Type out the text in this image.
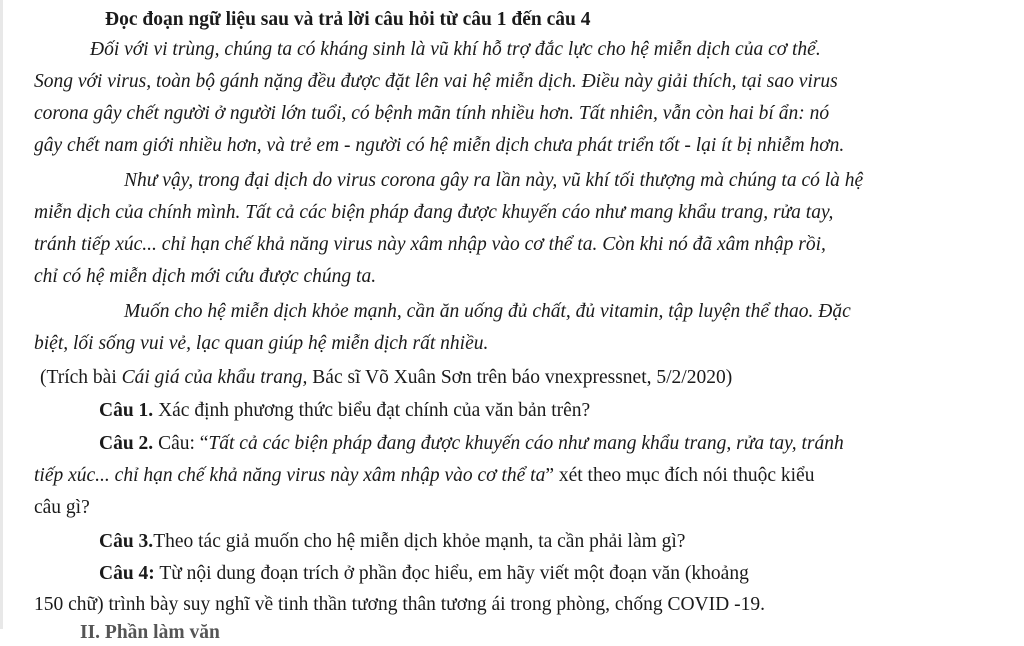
Đọc đoạn ngữ liệu sau và trả lời câu hỏi từ câu 1 đến câu 4
Đối với vi trùng, chúng ta có kháng sinh là vũ khí hỗ trợ đắc lực cho hệ miễn dịch của cơ thể.
Song với virus, toàn bộ gánh nặng đều được đặt lên vai hệ miễn dịch. Điều này giải thích, tại sao virus
corona gây chết người ở người lớn tuổi, có bệnh mãn tính nhiều hơn. Tất nhiên, vẫn còn hai bí ẩn: nó
gây chết nam giới nhiều hơn, và trẻ em - người có hệ miễn dịch chưa phát triển tốt - lại ít bị nhiễm hơn.
Như vậy, trong đại dịch do virus corona gây ra lần này, vũ khí tối thượng mà chúng ta có là hệ
miễn dịch của chính mình. Tất cả các biện pháp đang được khuyến cáo như mang khẩu trang, rửa tay,
tránh tiếp xúc... chỉ hạn chế khả năng virus này xâm nhập vào cơ thể ta. Còn khi nó đã xâm nhập rồi,
chỉ có hệ miễn dịch mới cứu được chúng ta.
Muốn cho hệ miễn dịch khỏe mạnh, cần ăn uống đủ chất, đủ vitamin, tập luyện thể thao. Đặc
biệt, lối sống vui vẻ, lạc quan giúp hệ miễn dịch rất nhiều.
(Trích bài Cái giá của khẩu trang, Bác sĩ Võ Xuân Sơn trên báo vnexpressnet, 5/2/2020)
Câu 1. Xác định phương thức biểu đạt chính của văn bản trên?
Câu 2. Câu: “Tất cả các biện pháp đang được khuyến cáo như mang khẩu trang, rửa tay, tránh
tiếp xúc... chỉ hạn chế khả năng virus này xâm nhập vào cơ thể ta” xét theo mục đích nói thuộc kiểu
câu gì?
Câu 3.Theo tác giả muốn cho hệ miễn dịch khỏe mạnh, ta cần phải làm gì?
Câu 4: Từ nội dung đoạn trích ở phần đọc hiểu, em hãy viết một đoạn văn (khoảng
150 chữ) trình bày suy nghĩ về tinh thần tương thân tương ái trong phòng, chống COVID -19.
II. Phần làm văn
